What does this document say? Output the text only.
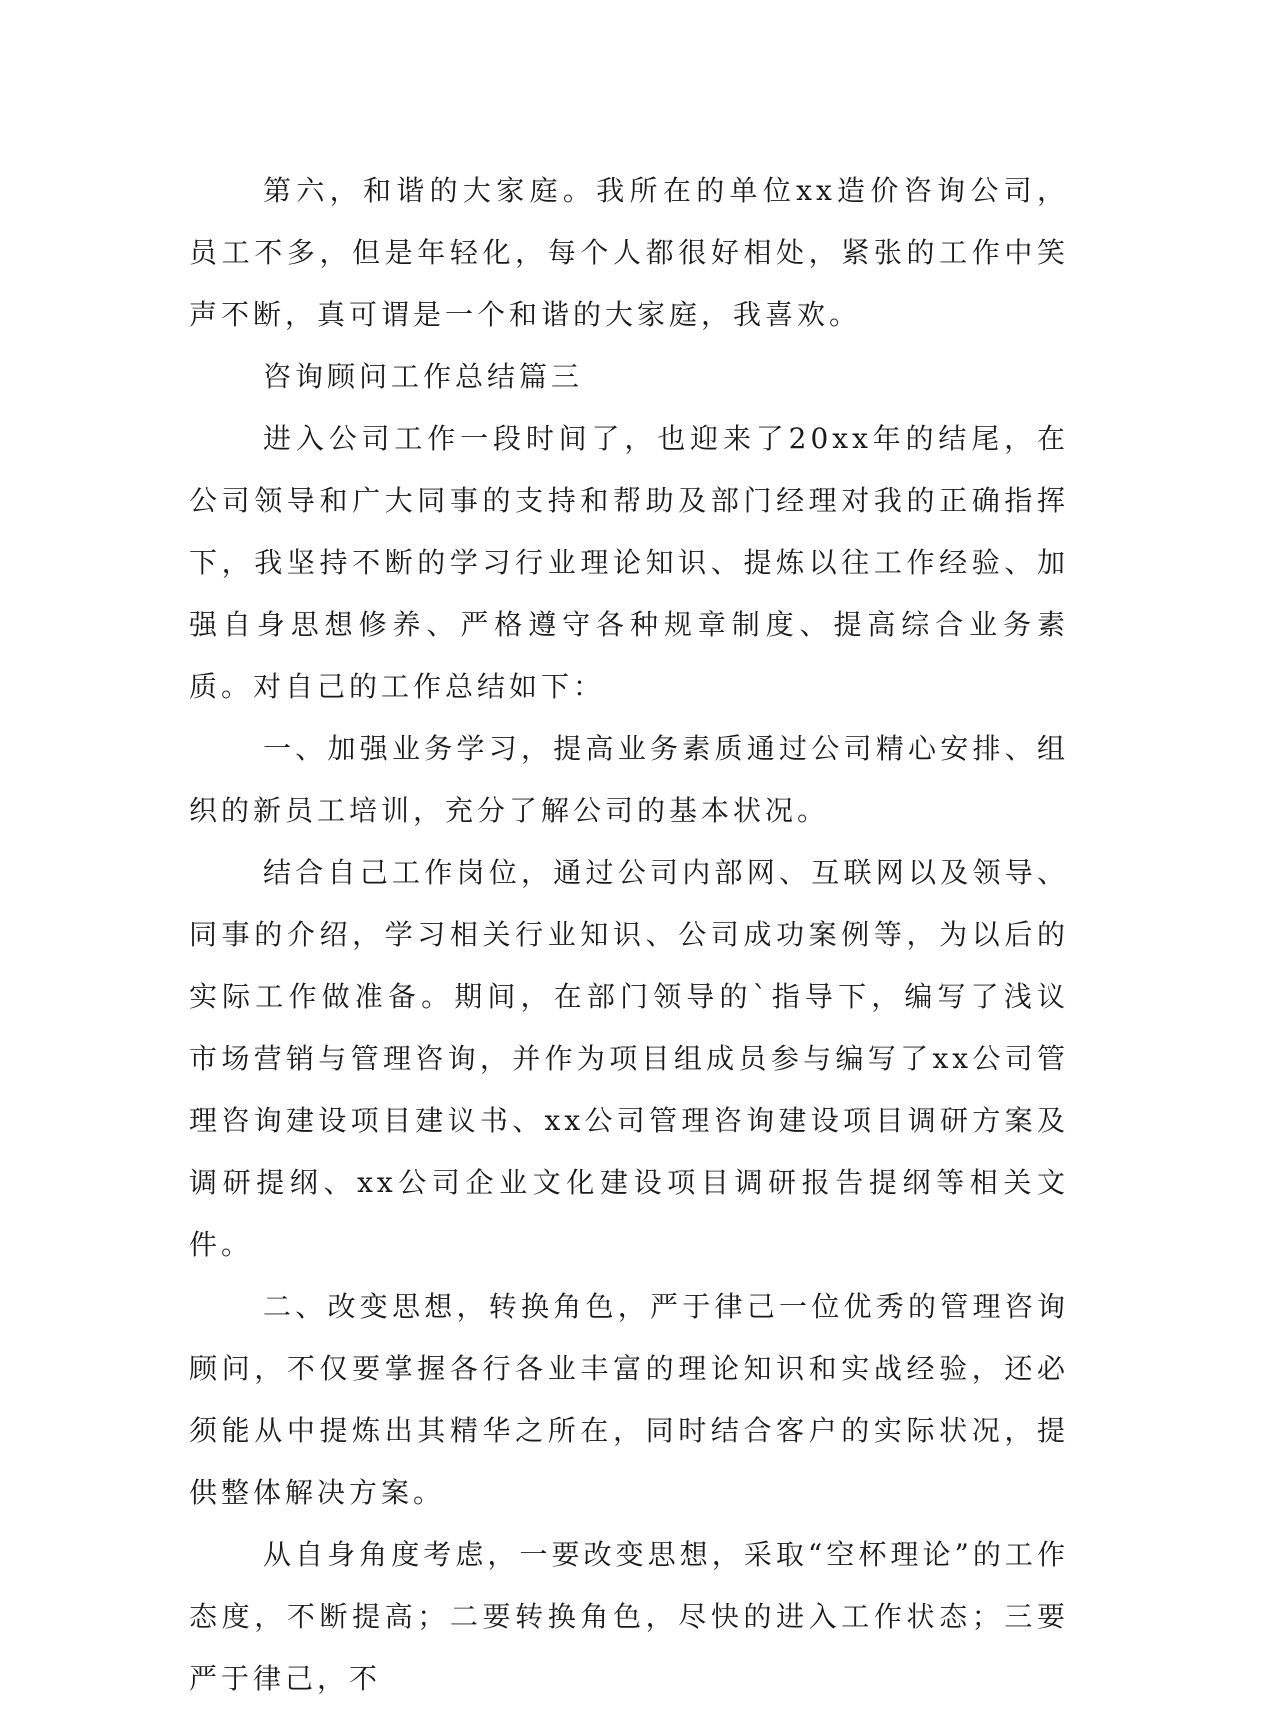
第六，和谐的大家庭。我所在的单位xx造价咨询公司，员工不多，但是年轻化，每个人都很好相处，紧张的工作中笑声不断，真可谓是一个和谐的大家庭，我喜欢。

咨询顾问工作总结篇三

进入公司工作一段时间了，也迎来了20xx年的结尾，在公司领导和广大同事的支持和帮助及部门经理对我的正确指挥下，我坚持不断的学习行业理论知识、提炼以往工作经验、加强自身思想修养、严格遵守各种规章制度、提高综合业务素质。对自己的工作总结如下：

一、加强业务学习，提高业务素质通过公司精心安排、组织的新员工培训，充分了解公司的基本状况。

结合自己工作岗位，通过公司内部网、互联网以及领导、同事的介绍，学习相关行业知识、公司成功案例等，为以后的实际工作做准备。期间，在部门领导的`指导下，编写了浅议市场营销与管理咨询，并作为项目组成员参与编写了xx公司管理咨询建设项目建议书、xx公司管理咨询建设项目调研方案及调研提纲、xx公司企业文化建设项目调研报告提纲等相关文件。

二、改变思想，转换角色，严于律己一位优秀的管理咨询顾问，不仅要掌握各行各业丰富的理论知识和实战经验，还必须能从中提炼出其精华之所在，同时结合客户的实际状况，提供整体解决方案。

从自身角度考虑，一要改变思想，采取“空杯理论”的工作态度，不断提高；二要转换角色，尽快的进入工作状态；三要严于律己，不
